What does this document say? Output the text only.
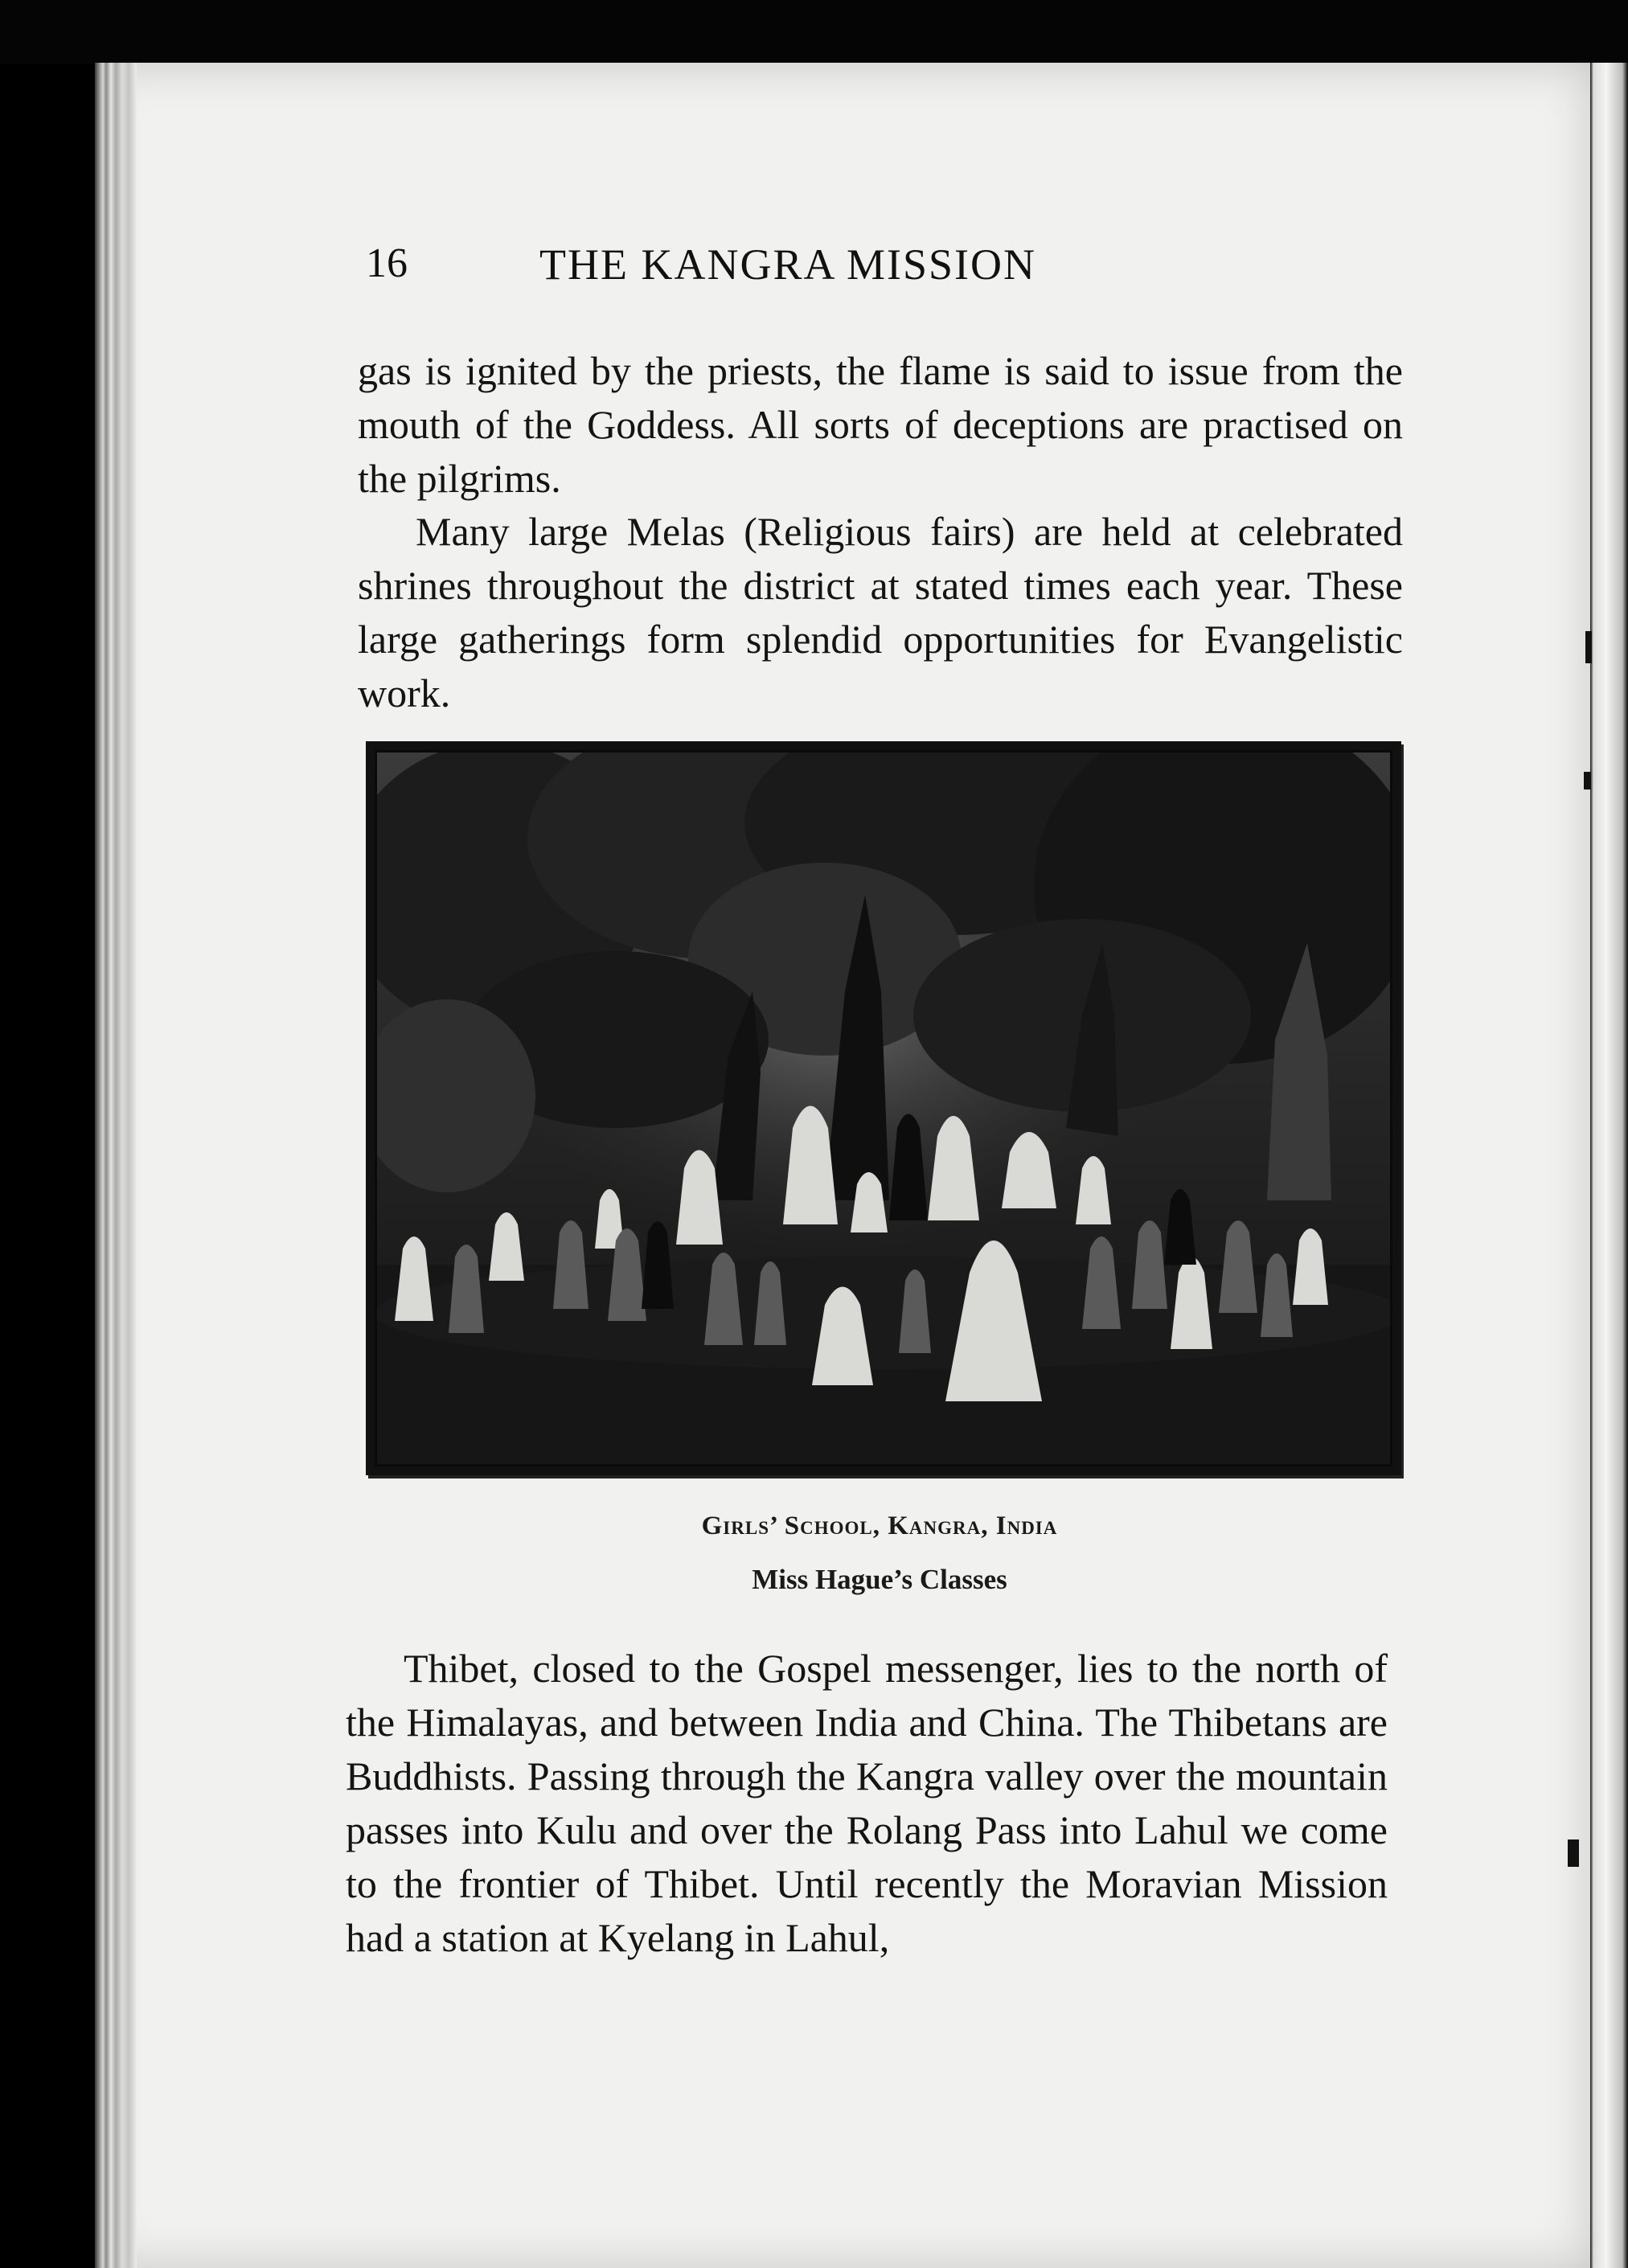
16	THE KANGRA MISSION

gas is ignited by the priests, the flame is said to issue from the mouth of the Goddess. All sorts of deceptions are practised on the pilgrims.

Many large Melas (Religious fairs) are held at celebrated shrines throughout the district at stated times each year. These large gatherings form splendid opportunities for Evangelistic work.

Girls’ School, Kangra, India
Miss Hague’s Classes

Thibet, closed to the Gospel messenger, lies to the north of the Himalayas, and between India and China. The Thibetans are Buddhists. Passing through the Kangra valley over the mountain passes into Kulu and over the Rolang Pass into Lahul we come to the frontier of Thibet. Until recently the Moravian Mission had a station at Kyelang in Lahul,
